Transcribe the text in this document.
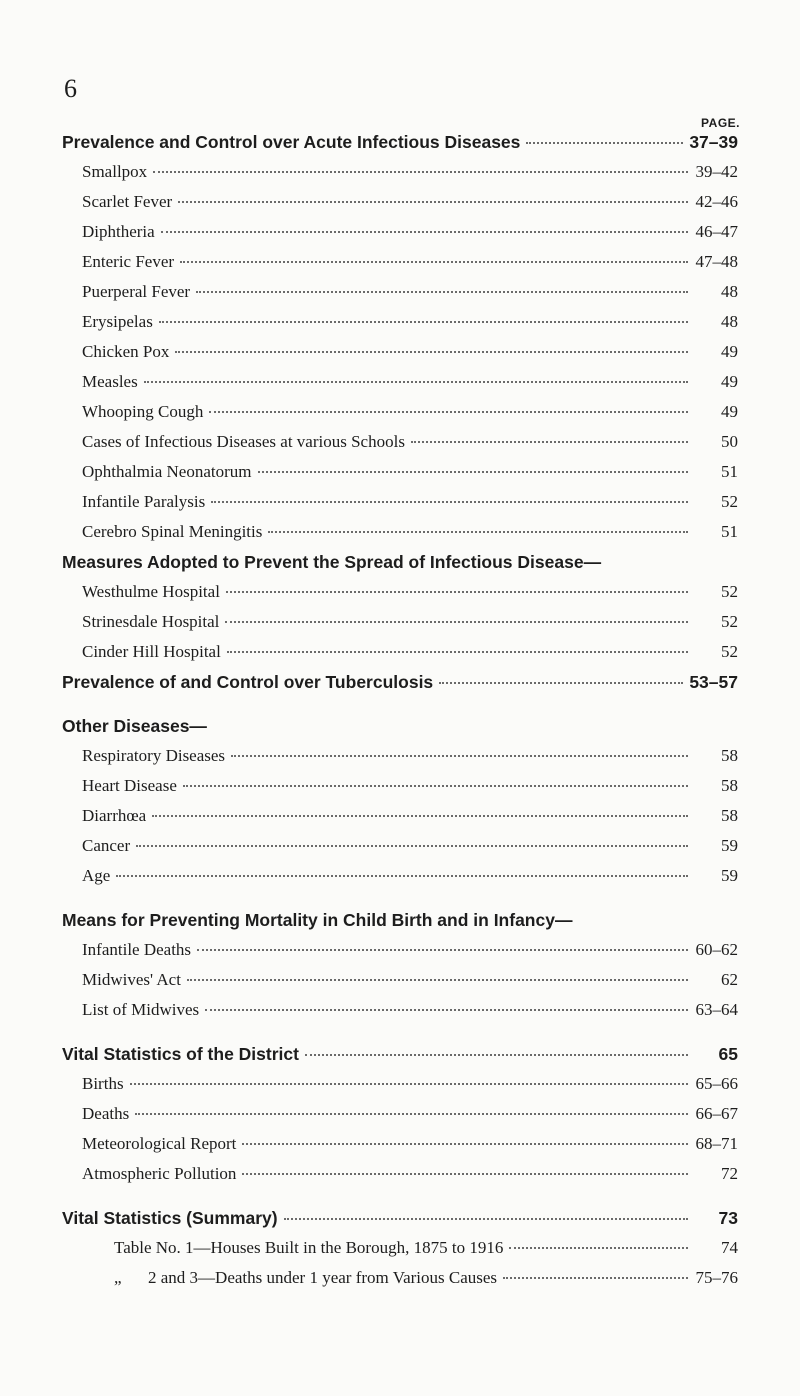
6
PAGE.
Prevalence and Control over Acute Infectious Diseases	37–39
Smallpox	39–42
Scarlet Fever	42–46
Diphtheria	46–47
Enteric Fever	47–48
Puerperal Fever	48
Erysipelas	48
Chicken Pox	49
Measles	49
Whooping Cough	49
Cases of Infectious Diseases at various Schools	50
Ophthalmia Neonatorum	51
Infantile Paralysis	52
Cerebro Spinal Meningitis	51
Measures Adopted to Prevent the Spread of Infectious Disease—
Westhulme Hospital	52
Strinesdale Hospital	52
Cinder Hill Hospital	52
Prevalence of and Control over Tuberculosis	53–57
Other Diseases—
Respiratory Diseases	58
Heart Disease	58
Diarrhœa	58
Cancer	59
Age	59
Means for Preventing Mortality in Child Birth and in Infancy—
Infantile Deaths	60–62
Midwives' Act	62
List of Midwives	63–64
Vital Statistics of the District	65
Births	65–66
Deaths	66–67
Meteorological Report	68–71
Atmospheric Pollution	72
Vital Statistics (Summary)	73
Table No. 1—Houses Built in the Borough, 1875 to 1916	74
„ 2 and 3—Deaths under 1 year from Various Causes	75–76
